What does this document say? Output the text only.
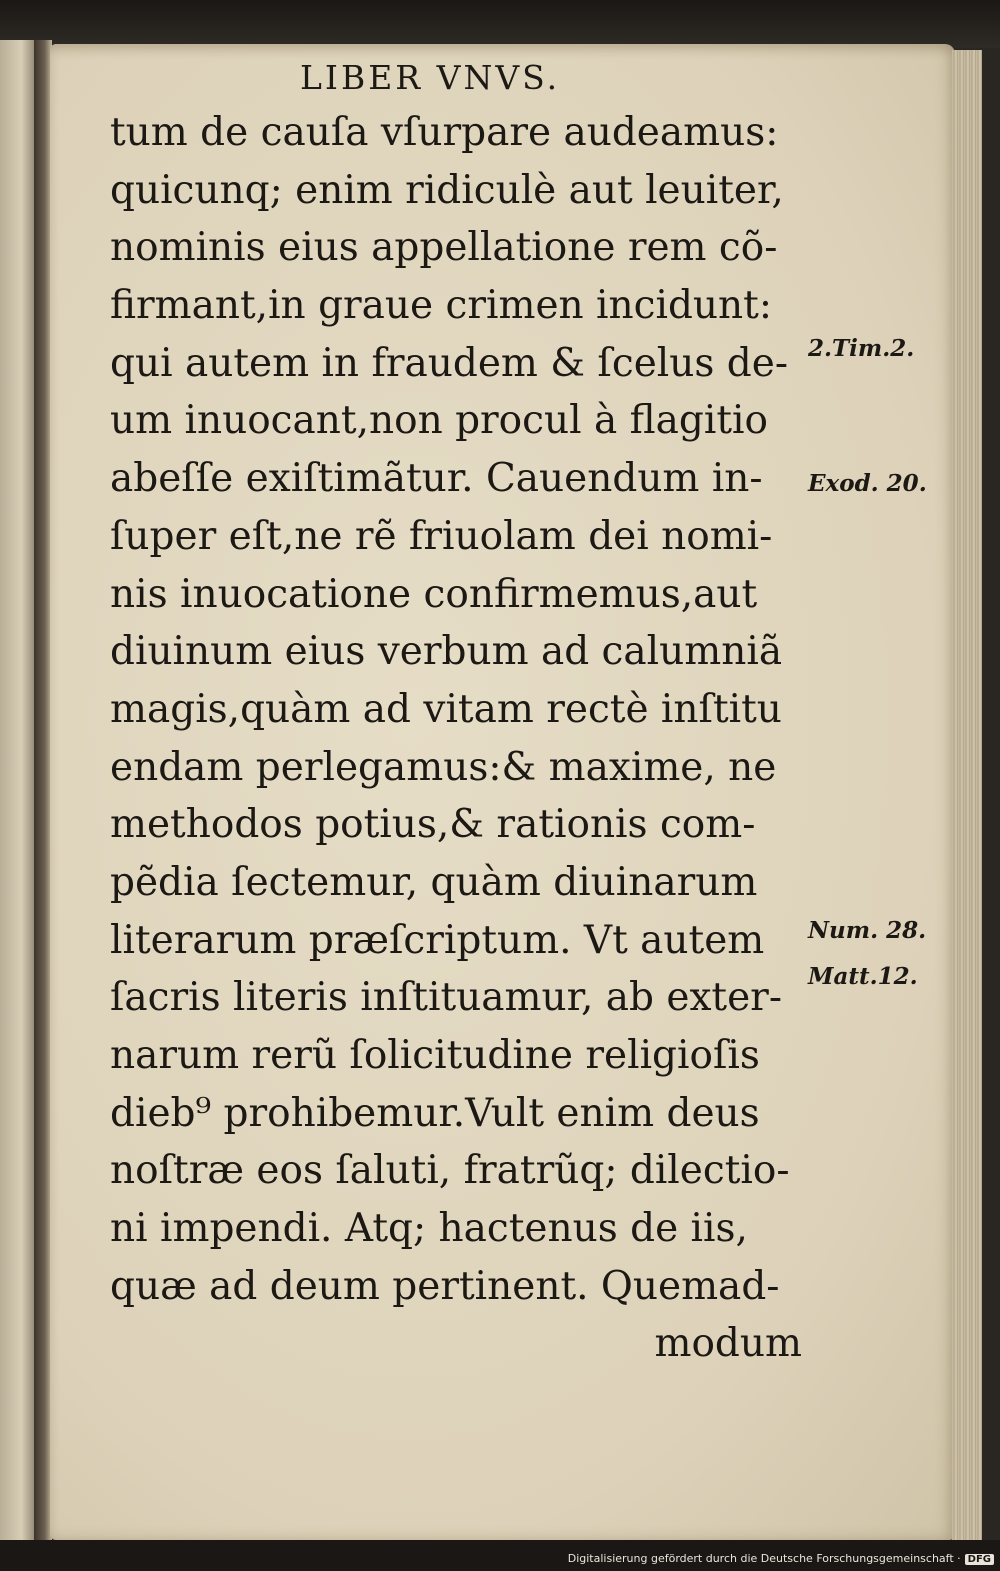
LIBER VNVS.
tum de cauſa vſurpare audeamus:
quicunq; enim ridiculè aut leuiter,
nominis eius appellatione rem cõ-
firmant,in graue crimen incidunt:
qui autem in fraudem & ſcelus de-
um inuocant,non procul à flagitio
abeſſe exiſtimãtur. Cauendum in-
ſuper eſt,ne rẽ friuolam dei nomi-
nis inuocatione confirmemus,aut
diuinum eius verbum ad calumniã
magis,quàm ad vitam rectè inſtitu
endam perlegamus:& maxime, ne
methodos potius,& rationis com-
pẽdia ſectemur, quàm diuinarum
literarum præſcriptum. Vt autem
ſacris literis inſtituamur, ab exter-
narum rerũ ſolicitudine religioſis
dieb⁹ prohibemur.Vult enim deus
noſtræ eos ſaluti, fratrũq; dilectio-
ni impendi. Atq; hactenus de iis,
quæ ad deum pertinent. Quemad-
modum
2.Tim.2.
Exod. 20.
Num. 28.
Matt.12.
Digitalisierung gefördert durch die Deutsche Forschungsgemeinschaft · DFG
